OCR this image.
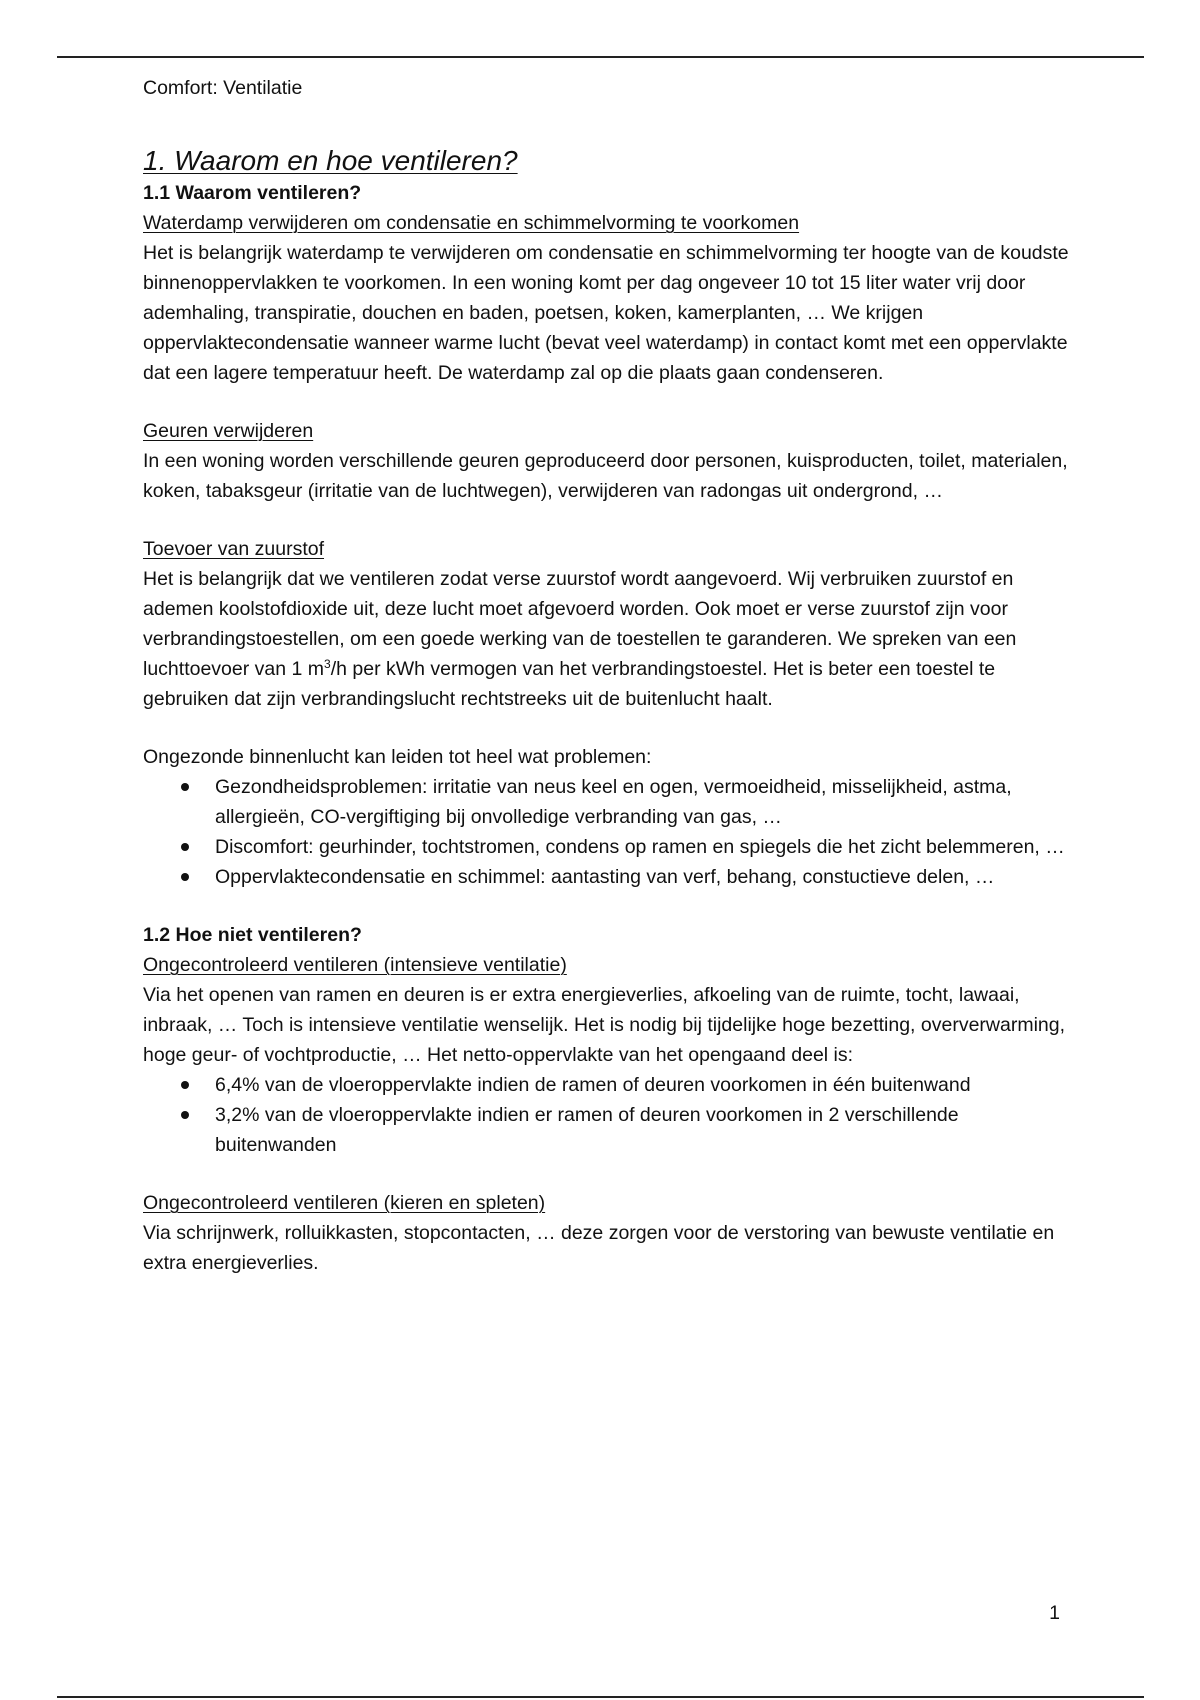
Comfort: Ventilatie

1. Waarom en hoe ventileren?
1.1 Waarom ventileren?

Waterdamp verwijderen om condensatie en schimmelvorming te voorkomen

Het is belangrijk waterdamp te verwijderen om condensatie en schimmelvorming ter hoogte van de koudste binnenoppervlakken te voorkomen. In een woning komt per dag ongeveer 10 tot 15 liter water vrij door ademhaling, transpiratie, douchen en baden, poetsen, koken, kamerplanten, … We krijgen oppervlaktecondensatie wanneer warme lucht (bevat veel waterdamp) in contact komt met een oppervlakte dat een lagere temperatuur heeft. De waterdamp zal op die plaats gaan condenseren.

Geuren verwijderen

In een woning worden verschillende geuren geproduceerd door personen, kuisproducten, toilet, materialen, koken, tabaksgeur (irritatie van de luchtwegen), verwijderen van radongas uit ondergrond, …

Toevoer van zuurstof

Het is belangrijk dat we ventileren zodat verse zuurstof wordt aangevoerd. Wij verbruiken zuurstof en ademen koolstofdioxide uit, deze lucht moet afgevoerd worden. Ook moet er verse zuurstof zijn voor verbrandingstoestellen, om een goede werking van de toestellen te garanderen. We spreken van een luchttoevoer van 1 $m^3/h$ per kWh vermogen van het verbrandingstoestel. Het is beter een toestel te gebruiken dat zijn verbrandingslucht rechtstreeks uit de buitenlucht haalt.

Ongezonde binnenlucht kan leiden tot heel wat problemen:

Gezondheidsproblemen: irritatie van neus keel en ogen, vermoeidheid, misselijkheid, astma, allergieën, CO-vergiftiging bij onvolledige verbranding van gas, …
Discomfort: geurhinder, tochtstromen, condens op ramen en spiegels die het zicht belemmeren, …
Oppervlaktecondensatie en schimmel: aantasting van verf, behang, constuctieve delen, …
1.2 Hoe niet ventileren?

Ongecontroleerd ventileren (intensieve ventilatie)

Via het openen van ramen en deuren is er extra energieverlies, afkoeling van de ruimte, tocht, lawaai, inbraak, … Toch is intensieve ventilatie wenselijk. Het is nodig bij tijdelijke hoge bezetting, oververwarming, hoge geur- of vochtproductie, … Het netto-oppervlakte van het opengaand deel is:

6,4% van de vloeroppervlakte indien de ramen of deuren voorkomen in één buitenwand
3,2% van de vloeroppervlakte indien er ramen of deuren voorkomen in 2 verschillende buitenwanden

Ongecontroleerd ventileren (kieren en spleten)

Via schrijnwerk, rolluikkasten, stopcontacten, … deze zorgen voor de verstoring van bewuste ventilatie en extra energieverlies.

1
